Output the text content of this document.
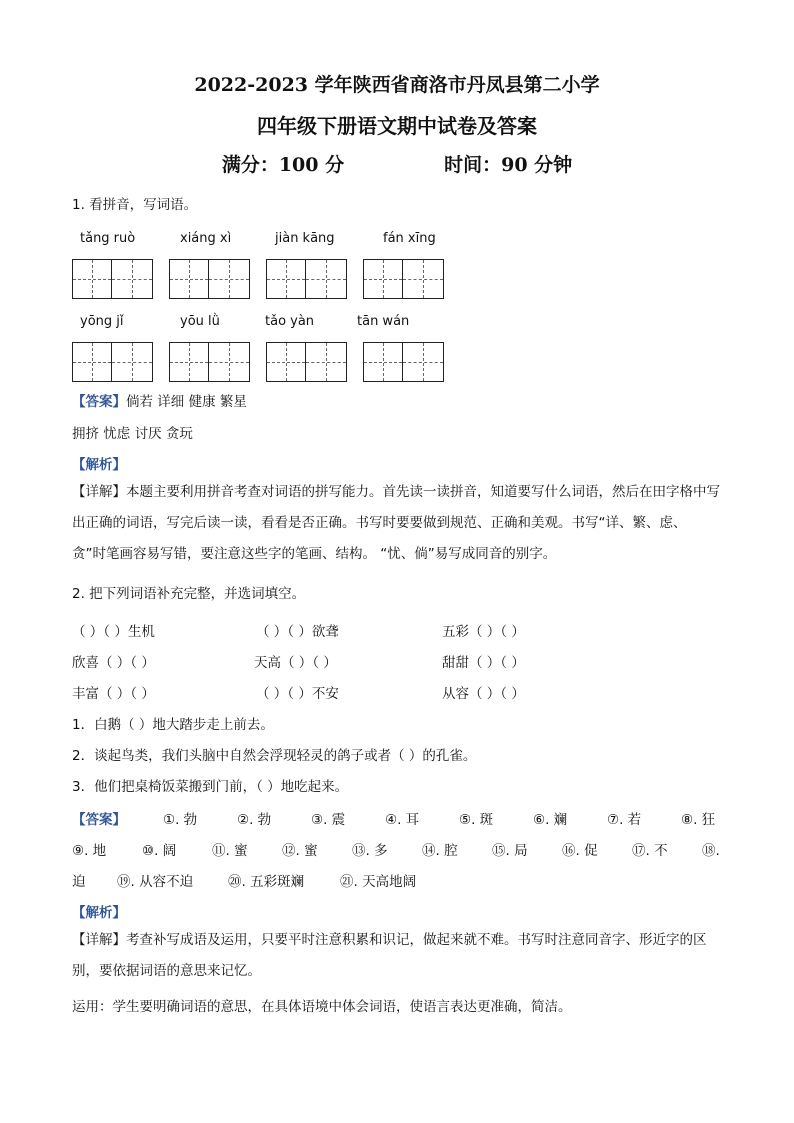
2022-2023 学年陕西省商洛市丹凤县第二小学
四年级下册语文期中试卷及答案
满分：100 分	时间：90 分钟
1. 看拼音，写词语。
tǎng ruò	xiáng xì	jiàn kāng	fán xīng
yōng jǐ	yōu lǜ	tǎo yàn	tān wán
【答案】倘若 详细 健康 繁星
拥挤 忧虑 讨厌 贪玩
【解析】
【详解】本题主要利用拼音考查对词语的拼写能力。首先读一读拼音，知道要写什么词语，然后在田字格中写出正确的词语，写完后读一读，看看是否正确。书写时要要做到规范、正确和美观。书写“详、繁、虑、 贪”时笔画容易写错，要注意这些字的笔画、结构。 “忧、倘”易写成同音的别字。
2. 把下列词语补充完整，并选词填空。
（ ）（ ）生机	（ ）（ ）欲聋	五彩（ ）（ ）
欣喜（ ）（ ）	天高（ ）（ ）	甜甜（ ）（ ）
丰富（ ）（ ）	（ ）（ ）不安	从容（ ）（ ）
1．白鹅（ ）地大踏步走上前去。
2．谈起鸟类，我们头脑中自然会浮现轻灵的鸽子或者（ ）的孔雀。
3．他们把桌椅饭菜搬到门前，（ ）地吃起来。
【答案】	①. 勃	②. 勃	③. 震	④. 耳	⑤. 斑	⑥. 斓	⑦. 若	⑧. 狂
⑨. 地	⑩. 阔	⑪. 蜜	⑫. 蜜	⑬. 多	⑭. 腔	⑮. 局	⑯. 促	⑰. 不	⑱.
迫 ⑲. 从容不迫	⑳. 五彩斑斓	㉑. 天高地阔
【解析】
【详解】考查补写成语及运用，只要平时注意积累和识记，做起来就不难。书写时注意同音字、形近字的区别，要依据词语的意思来记忆。
运用：学生要明确词语的意思，在具体语境中体会词语，使语言表达更准确，简洁。
